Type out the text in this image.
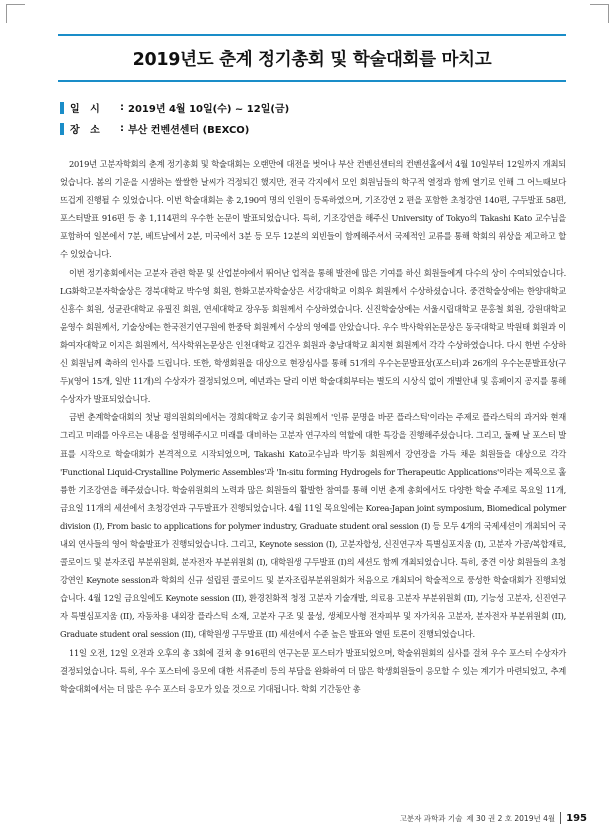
2019년도 춘계 정기총회 및 학술대회를 마치고
일   시	: 2019년 4월 10일(수) ~ 12일(금)
장   소	: 부산 컨벤션센터 (BEXCO)

2019년 고분자학회의 춘계 정기총회 및 학술대회는 오랜만에 대전을 벗어나 부산 컨벤션센터의 컨벤션홀에서 4월 10일부터 12일까지 개최되었습니다. 봄의 기운을 시샘하는 쌀쌀한 날씨가 걱정되긴 했지만, 전국 각지에서 모인 회원님들의 학구적 열정과 함께 열기로 인해 그 어느때보다 뜨겁게 진행될 수 있었습니다. 이번 학술대회는 총 2,190여 명의 인원이 등록하였으며, 기조강연 2 편을 포함한 초청강연 140편, 구두발표 58편, 포스터발표 916편 등 총 1,114편의 우수한 논문이 발표되었습니다. 특히, 기조강연을 해주신 University of Tokyo의 Takashi Kato 교수님을 포함하여 일본에서 7분, 베트남에서 2분, 미국에서 3분 등 모두 12분의 외빈들이 함께해주셔서 국제적인 교류를 통해 학회의 위상을 제고하고 할 수 있었습니다.

이번 정기총회에서는 고분자 관련 학문 및 산업분야에서 뛰어난 업적을 통해 발전에 많은 기여를 하신 회원들에게 다수의 상이 수여되었습니다. LG화학고분자학술상은 경북대학교 박수영 회원, 한화고분자학술상은 서강대학교 이희우 회원께서 수상하셨습니다. 중견학술상에는 한양대학교 신흥수 회원, 성균관대학교 유필진 회원, 연세대학교 장우동 회원께서 수상하였습니다. 신진학술상에는 서울시립대학교 문홍철 회원, 강원대학교 윤영수 회원께서, 기술상에는 한국전기연구원에 한중탁 회원께서 수상의 영예를 안았습니다. 우수 박사학위논문상은 동국대학교 박원태 회원과 이화여자대학교 이지은 회원께서, 석사학위논문상은 인천대학교 김건우 회원과 충남대학교 최지현 회원께서 각각 수상하였습니다. 다시 한번 수상하신 회원님께 축하의 인사를 드립니다. 또한, 학생회원을 대상으로 현장심사를 통해 51개의 우수논문발표상(포스터)과 26개의 우수논문발표상(구두)(영어 15개, 일반 11개)의 수상자가 결정되었으며, 예년과는 달리 이번 학술대회부터는 별도의 시상식 없이 개별안내 및 홈페이지 공지를 통해 수상자가 발표되었습니다.

금번 춘계학술대회의 첫날 평의원회의에서는 경희대학교 송기국 회원께서 '인류 문명을 바꾼 플라스틱'이라는 주제로 플라스틱의 과거와 현재 그리고 미래를 아우르는 내용을 설명해주시고 미래를 대비하는 고분자 연구자의 역할에 대한 특강을 진행해주셨습니다. 그리고, 둘째 날 포스터 발표를 시작으로 학술대회가 본격적으로 시작되었으며, Takashi Kato교수님과 박기동 회원께서 강연장을 가득 채운 회원들을 대상으로 각각 'Functional Liquid-Crystalline Polymeric Assembles'과 'In-situ forming Hydrogels for Therapeutic Applications'이라는 제목으로 훌륭한 기조강연을 해주셨습니다. 학술위원회의 노력과 많은 회원들의 활발한 참여를 통해 이번 춘계 총회에서도 다양한 학술 주제로 목요일 11개, 금요일 11개의 세션에서 초청강연과 구두발표가 진행되었습니다. 4월 11일 목요일에는 Korea-Japan joint symposium, Biomedical polymer division (I), From basic to applications for polymer industry, Graduate student oral session (I) 등 모두 4개의 국제세션이 개최되어 국내외 연사들의 영어 학술발표가 진행되었습니다. 그리고, Keynote session (I), 고분자합성, 신진연구자 특별심포지움 (I), 고분자 가공/복합재료, 콜로이드 및 분자조립 부분위원회, 분자전자 부분위원회 (I), 대학원생 구두발표 (I)의 세션도 함께 개최되었습니다. 특히, 중견 이상 회원들의 초청강연인 Keynote session과 학회의 신규 설립된 콜로이드 및 분자조립부분위원회가 처음으로 개최되어 학술적으로 풍성한 학술대회가 진행되었습니다. 4월 12일 금요일에도 Keynote session (II), 환경친화적 청정 고분자 기술개발, 의료용 고분자 부분위원회 (II), 기능성 고분자, 신진연구자 특별심포지움 (II), 자동차용 내외장 플라스틱 소재, 고분자 구조 및 물성, 생체모사형 전자피부 및 자가치유 고분자, 분자전자 부분위원회 (II), Graduate student oral session (II), 대학원생 구두발표 (II) 세션에서 수준 높은 발표와 열띤 토론이 진행되었습니다.

11일 오전, 12일 오전과 오후의 총 3회에 걸쳐 총 916편의 연구논문 포스터가 발표되었으며, 학술위원회의 심사를 걸쳐 우수 포스터 수상자가 결정되었습니다. 특히, 우수 포스터에 응모에 대한 서류준비 등의 부담을 완화하여 더 많은 학생회원들이 응모할 수 있는 계기가 마련되었고, 추계 학술대회에서는 더 많은 우수 포스터 응모가 있을 것으로 기대됩니다. 학회 기간동안 총

고분자 과학과 기술 제 30 권 2 호 2019년 4월 195
